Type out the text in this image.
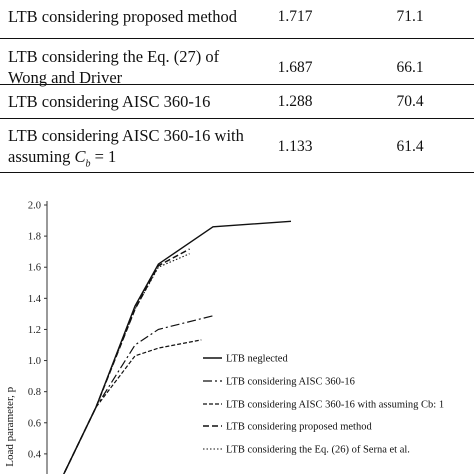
LTB considering proposed method	1.717	71.1
LTB considering the Eq. (27) of
Wong and Driver
1.687	66.1
LTB considering AISC 360-16	1.288	70.4
LTB considering AISC 360-16 with
assuming $C_b = 1$
1.133	61.4
2.0
1.8
1.6
1.4
1.2
1.0
0.8
0.6
0.4
Load parameter, p
LTB neglected
LTB considering AISC 360-16
LTB considering AISC 360-16 with assuming Cb: 1
LTB considering proposed method
LTB considering the Eq. (26) of Serna et al.
